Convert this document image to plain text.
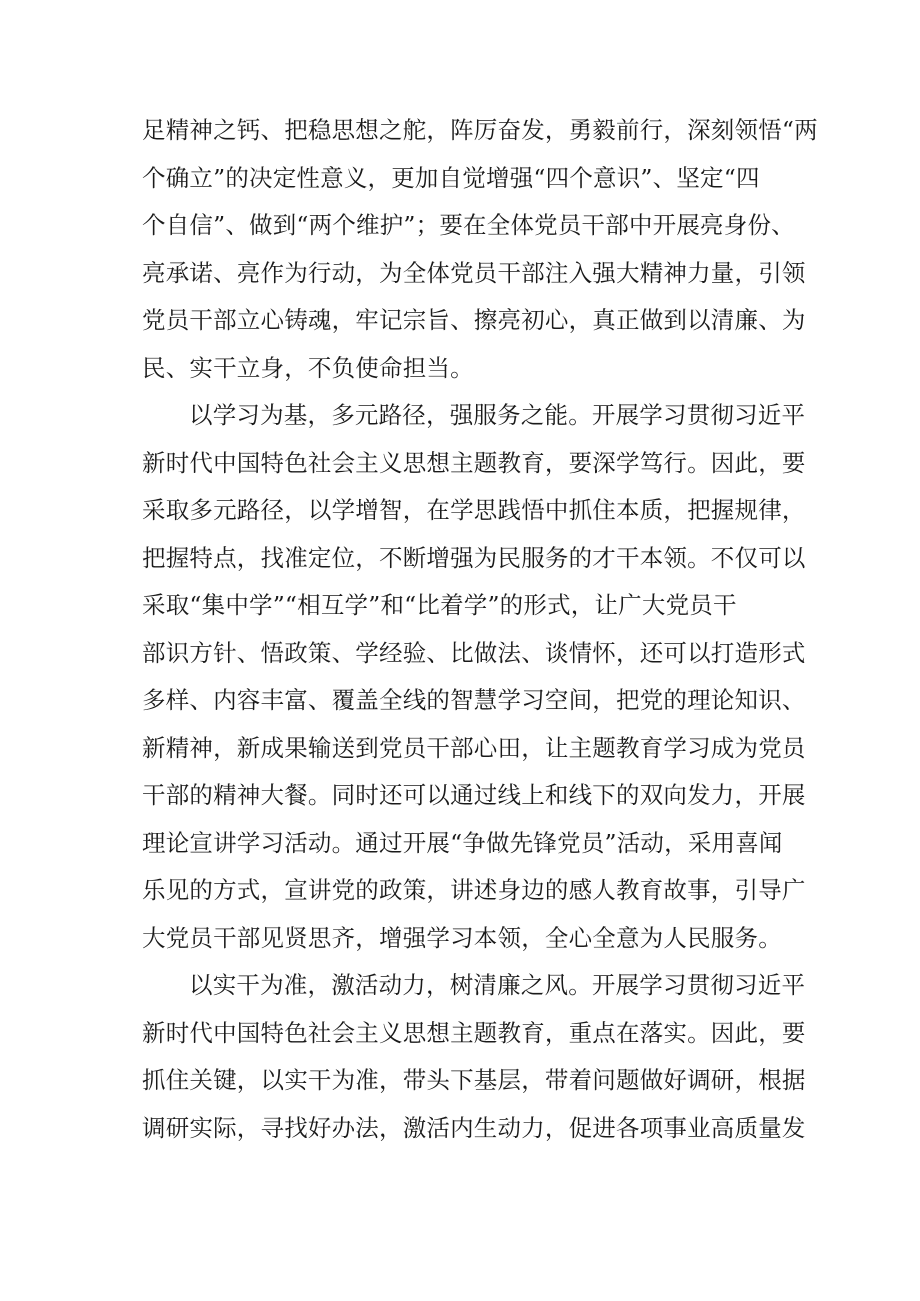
足精神之钙、把稳思想之舵，阵厉奋发，勇毅前行，深刻领悟“两
个确立”的决定性意义，更加自觉增强“四个意识”、坚定“四
个自信”、做到“两个维护”；要在全体党员干部中开展亮身份、
亮承诺、亮作为行动，为全体党员干部注入强大精神力量，引领
党员干部立心铸魂，牢记宗旨、擦亮初心，真正做到以清廉、为
民、实干立身，不负使命担当。
以学习为基，多元路径，强服务之能。开展学习贯彻习近平
新时代中国特色社会主义思想主题教育，要深学笃行。因此，要
采取多元路径，以学增智，在学思践悟中抓住本质，把握规律，
把握特点，找准定位，不断增强为民服务的才干本领。不仅可以
采取“集中学”“相互学”和“比着学”的形式，让广大党员干
部识方针、悟政策、学经验、比做法、谈情怀，还可以打造形式
多样、内容丰富、覆盖全线的智慧学习空间，把党的理论知识、
新精神，新成果输送到党员干部心田，让主题教育学习成为党员
干部的精神大餐。同时还可以通过线上和线下的双向发力，开展
理论宣讲学习活动。通过开展“争做先锋党员”活动，采用喜闻
乐见的方式，宣讲党的政策，讲述身边的感人教育故事，引导广
大党员干部见贤思齐，增强学习本领，全心全意为人民服务。
以实干为准，激活动力，树清廉之风。开展学习贯彻习近平
新时代中国特色社会主义思想主题教育，重点在落实。因此，要
抓住关键，以实干为准，带头下基层，带着问题做好调研，根据
调研实际，寻找好办法，激活内生动力，促进各项事业高质量发
